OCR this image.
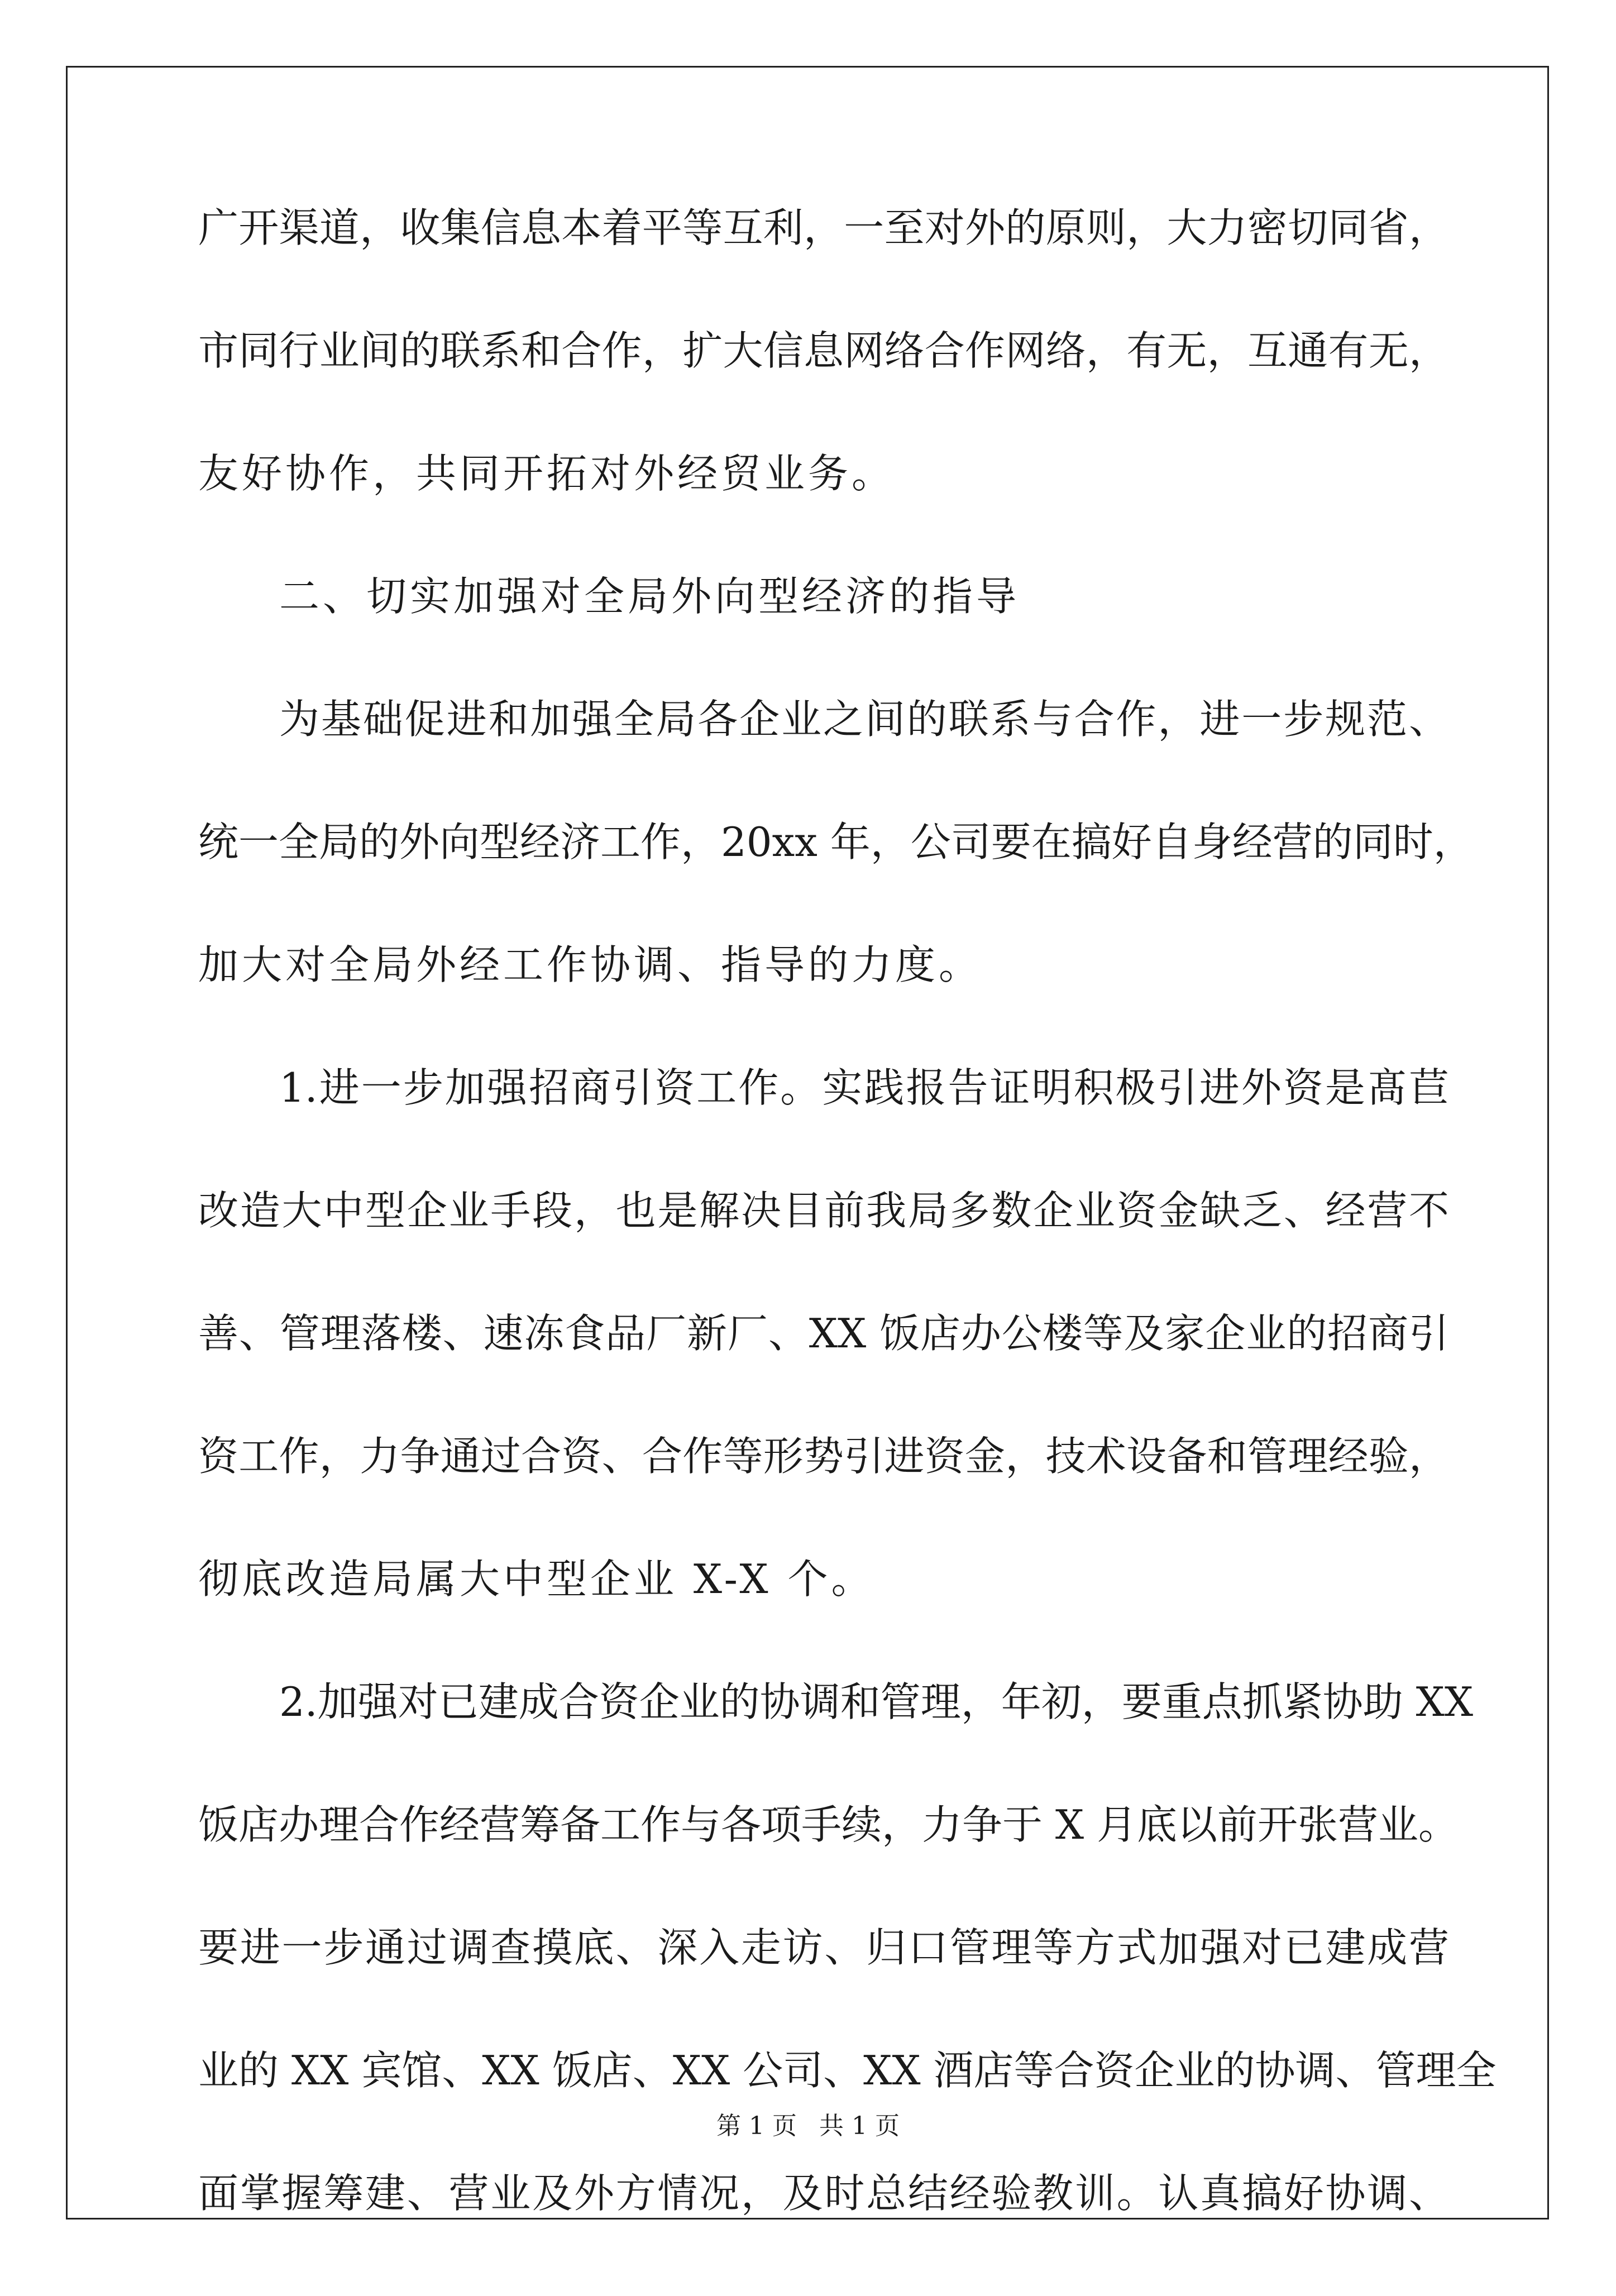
广开渠道，收集信息本着平等互利，一至对外的原则，大力密切同省，
市同行业间的联系和合作，扩大信息网络合作网络，有无，互通有无，
友好协作，共同开拓对外经贸业务。
二、切实加强对全局外向型经济的指导
为基础促进和加强全局各企业之间的联系与合作，进一步规范、
统一全局的外向型经济工作，20xx 年，公司要在搞好自身经营的同时，
加大对全局外经工作协调、指导的力度。
1.进一步加强招商引资工作。实践报告证明积极引进外资是髙苣
改造大中型企业手段，也是解决目前我局多数企业资金缺乏、经营不
善、管理落楼、速冻食品厂新厂、XX 饭店办公楼等及家企业的招商引
资工作，力争通过合资、合作等形势引进资金，技术设备和管理经验，
彻底改造局属大中型企业 X-X 个。
2.加强对已建成合资企业的协调和管理，年初，要重点抓紧协助 XX
饭店办理合作经营筹备工作与各项手续，力争于 X 月底以前开张营业。
要进一步通过调查摸底、深入走访、归口管理等方式加强对已建成营
业的 XX 宾馆、XX 饭店、XX 公司、XX 酒店等合资企业的协调、管理全
面掌握筹建、营业及外方情况，及时总结经验教训。认真搞好协调、
第 1 页 共 1 页
